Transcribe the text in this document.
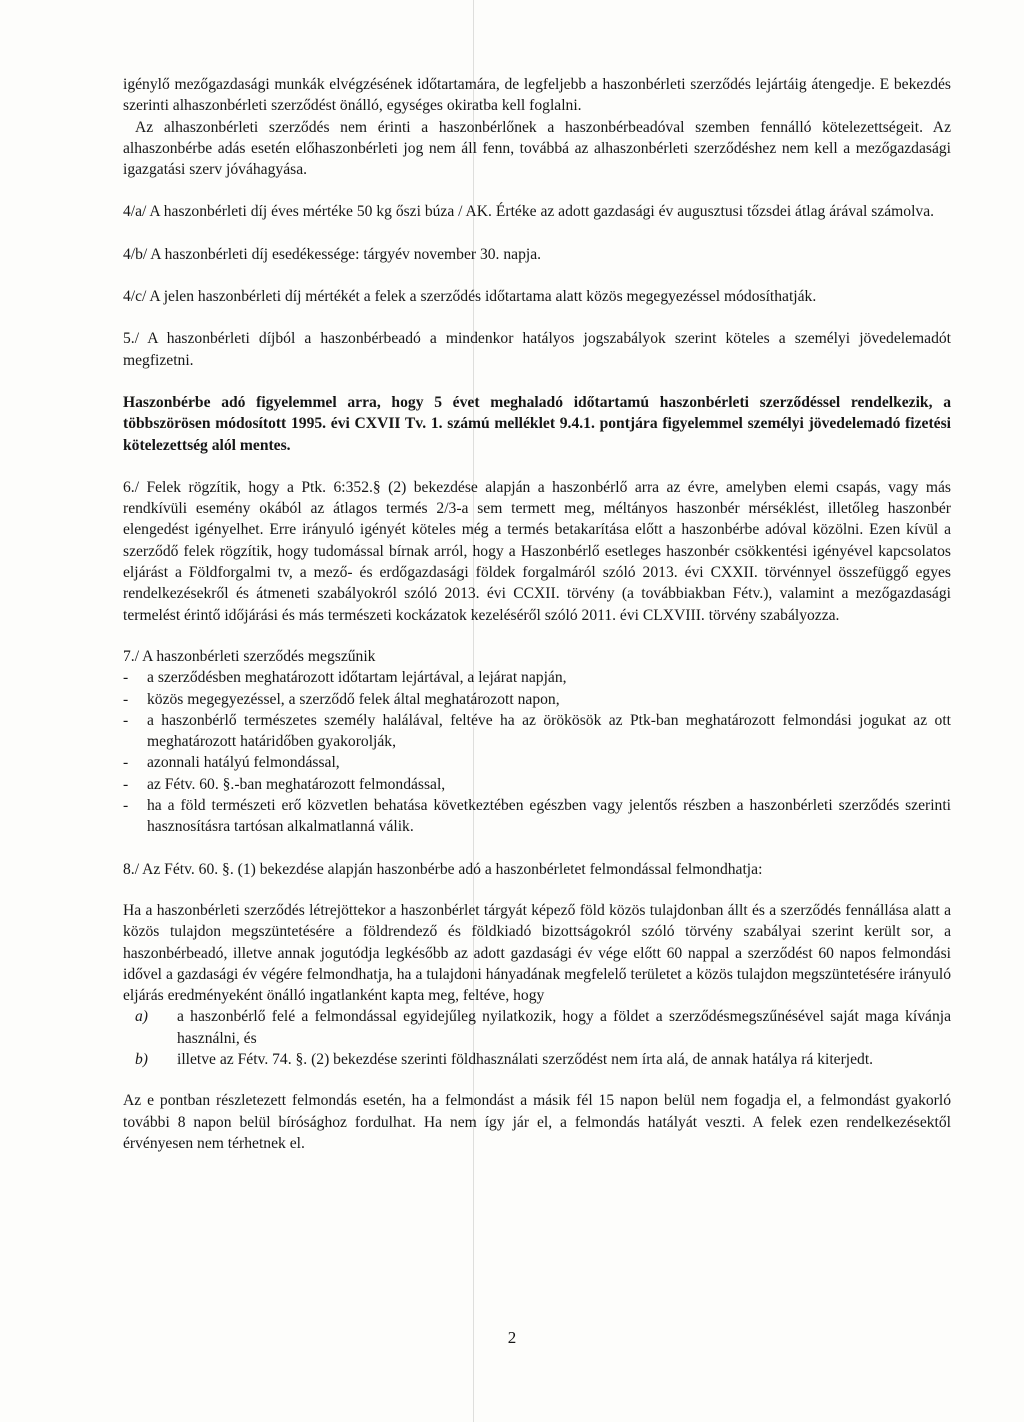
igénylő mezőgazdasági munkák elvégzésének időtartamára, de legfeljebb a haszonbérleti szerződés lejártáig átengedje. E bekezdés szerinti alhaszonbérleti szerződést önálló, egységes okiratba kell foglalni.

Az alhaszonbérleti szerződés nem érinti a haszonbérlőnek a haszonbérbeadóval szemben fennálló kötelezettségeit. Az alhaszonbérbe adás esetén előhaszonbérleti jog nem áll fenn, továbbá az alhaszonbérleti szerződéshez nem kell a mezőgazdasági igazgatási szerv jóváhagyása.

4/a/ A haszonbérleti díj éves mértéke 50 kg őszi búza / AK. Értéke az adott gazdasági év augusztusi tőzsdei átlag árával számolva.

4/b/ A haszonbérleti díj esedékessége: tárgyév november 30. napja.

4/c/ A jelen haszonbérleti díj mértékét a felek a szerződés időtartama alatt közös megegyezéssel módosíthatják.

5./ A haszonbérleti díjból a haszonbérbeadó a mindenkor hatályos jogszabályok szerint köteles a személyi jövedelemadót megfizetni.

Haszonbérbe adó figyelemmel arra, hogy 5 évet meghaladó időtartamú haszonbérleti szerződéssel rendelkezik, a többszörösen módosított 1995. évi CXVII Tv. 1. számú melléklet 9.4.1. pontjára figyelemmel személyi jövedelemadó fizetési kötelezettség alól mentes.

6./ Felek rögzítik, hogy a Ptk. 6:352.§ (2) bekezdése alapján a haszonbérlő arra az évre, amelyben elemi csapás, vagy más rendkívüli esemény okából az átlagos termés 2/3-a sem termett meg, méltányos haszonbér mérséklést, illetőleg haszonbér elengedést igényelhet. Erre irányuló igényét köteles még a termés betakarítása előtt a haszonbérbe adóval közölni. Ezen kívül a szerződő felek rögzítik, hogy tudomással bírnak arról, hogy a Haszonbérlő esetleges haszonbér csökkentési igényével kapcsolatos eljárást a Földforgalmi tv, a mező- és erdőgazdasági földek forgalmáról szóló 2013. évi CXXII. törvénnyel összefüggő egyes rendelkezésekről és átmeneti szabályokról szóló 2013. évi CCXII. törvény (a továbbiakban Fétv.), valamint a mezőgazdasági termelést érintő időjárási és más természeti kockázatok kezeléséről szóló 2011. évi CLXVIII. törvény szabályozza.

7./ A haszonbérleti szerződés megszűnik

- a szerződésben meghatározott időtartam lejártával, a lejárat napján,
- közös megegyezéssel, a szerződő felek által meghatározott napon,
- a haszonbérlő természetes személy halálával, feltéve ha az örökösök az Ptk-ban meghatározott felmondási jogukat az ott meghatározott határidőben gyakorolják,
- azonnali hatályú felmondással,
- az Fétv. 60. §.-ban meghatározott felmondással,
- ha a föld természeti erő közvetlen behatása következtében egészben vagy jelentős részben a haszonbérleti szerződés szerinti hasznosításra tartósan alkalmatlanná válik.

8./ Az Fétv. 60. §. (1) bekezdése alapján haszonbérbe adó a haszonbérletet felmondással felmondhatja:

Ha a haszonbérleti szerződés létrejöttekor a haszonbérlet tárgyát képező föld közös tulajdonban állt és a szerződés fennállása alatt a közös tulajdon megszüntetésére a földrendező és földkiadó bizottságokról szóló törvény szabályai szerint került sor, a haszonbérbeadó, illetve annak jogutódja legkésőbb az adott gazdasági év vége előtt 60 nappal a szerződést 60 napos felmondási idővel a gazdasági év végére felmondhatja, ha a tulajdoni hányadának megfelelő területet a közös tulajdon megszüntetésére irányuló eljárás eredményeként önálló ingatlanként kapta meg, feltéve, hogy

a)	a haszonbérlő felé a felmondással egyidejűleg nyilatkozik, hogy a földet a szerződésmegszűnésével saját maga kívánja használni, és
b)	illetve az Fétv. 74. §. (2) bekezdése szerinti földhasználati szerződést nem írta alá, de annak hatálya rá kiterjedt.

Az e pontban részletezett felmondás esetén, ha a felmondást a másik fél 15 napon belül nem fogadja el, a felmondást gyakorló további 8 napon belül bírósághoz fordulhat. Ha nem így jár el, a felmondás hatályát veszti. A felek ezen rendelkezésektől érvényesen nem térhetnek el.

2
